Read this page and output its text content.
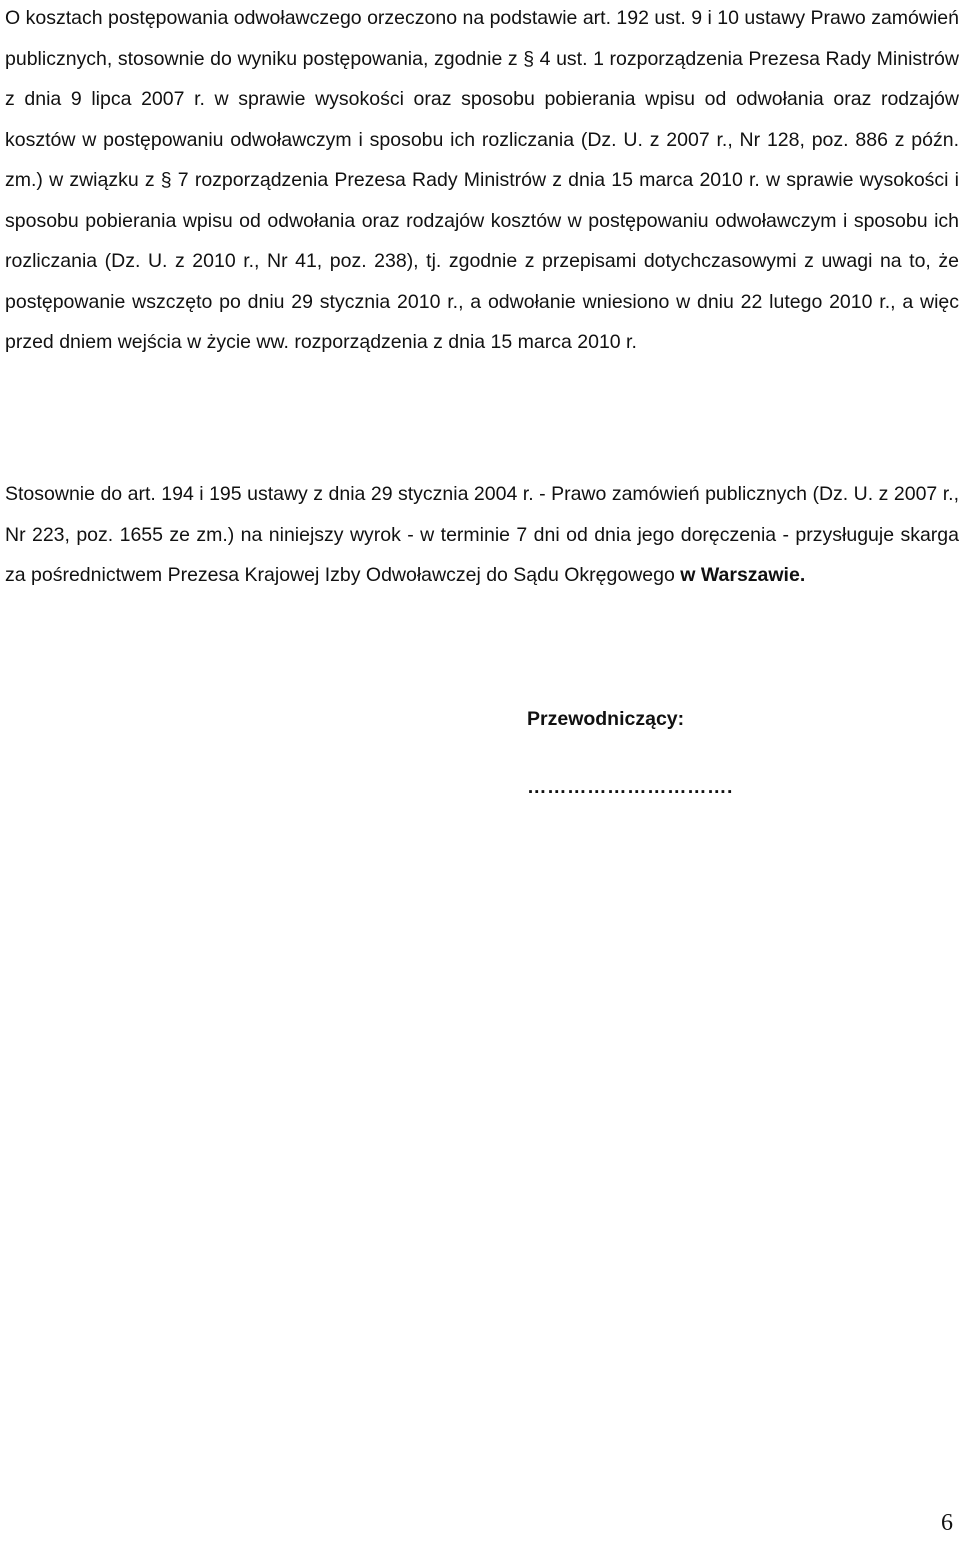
O kosztach postępowania odwoławczego orzeczono na podstawie art. 192 ust. 9 i 10 ustawy Prawo zamówień publicznych, stosownie do wyniku postępowania, zgodnie z § 4 ust. 1 rozporządzenia Prezesa Rady Ministrów z dnia 9 lipca 2007 r. w sprawie wysokości oraz sposobu pobierania wpisu od odwołania oraz rodzajów kosztów w postępowaniu odwoławczym i sposobu ich rozliczania (Dz. U. z 2007 r., Nr 128, poz. 886 z późn. zm.) w związku z § 7 rozporządzenia Prezesa Rady Ministrów z dnia 15 marca 2010 r. w sprawie wysokości i sposobu pobierania wpisu od odwołania oraz rodzajów kosztów w postępowaniu odwoławczym i sposobu ich rozliczania (Dz. U. z 2010 r., Nr 41, poz. 238), tj. zgodnie z przepisami dotychczasowymi z uwagi na to, że postępowanie wszczęto po dniu 29 stycznia 2010 r., a odwołanie wniesiono w dniu 22 lutego 2010 r., a więc przed dniem wejścia w życie ww. rozporządzenia z dnia 15 marca 2010 r.

Stosownie do art. 194 i 195 ustawy z dnia 29 stycznia 2004 r. - Prawo zamówień publicznych (Dz. U. z 2007 r., Nr 223, poz. 1655 ze zm.) na niniejszy wyrok - w terminie 7 dni od dnia jego doręczenia - przysługuje skarga za pośrednictwem Prezesa Krajowej Izby Odwoławczej do Sądu Okręgowego w Warszawie.

Przewodniczący:

………………………….

6
